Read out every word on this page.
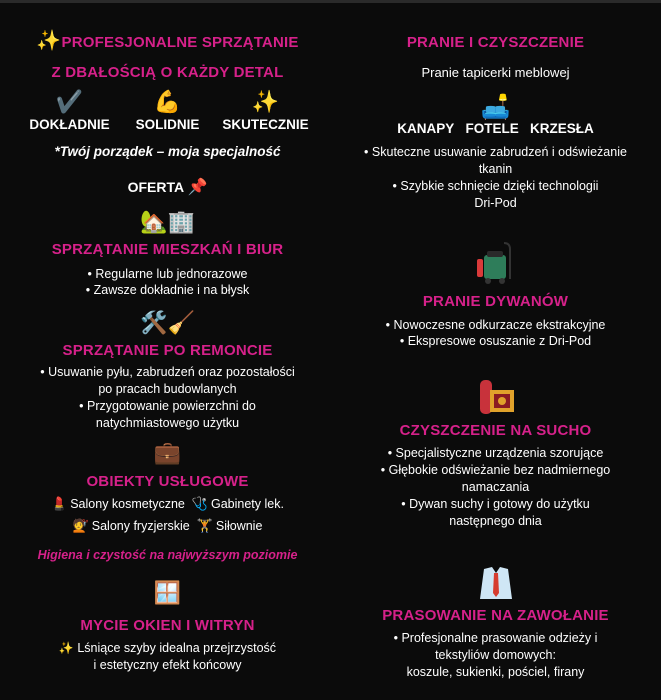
✨PROFESJONALNE SPRZĄTANIE
Z DBAŁOŚCIĄ O KAŻDY DETAL
✔️
DOKŁADNIE
💪
SOLIDNIE
✨
SKUTECZNIE
*Twój porządek – moja specjalność
OFERTA 📌
🏡🏢
SPRZĄTANIE MIESZKAŃ I BIUR
• Regularne lub jednorazowe
• Zawsze dokładnie i na błysk
🛠️🧹
SPRZĄTANIE PO REMONCIE
• Usuwanie pyłu, zabrudzeń oraz pozostałości
po pracach budowlanych
• Przygotowanie powierzchni do
natychmiastowego użytku
💼
OBIEKTY USŁUGOWE
💄 Salony kosmetyczne 🩺 Gabinety lek.
💇 Salony fryzjerskie 🏋️ Siłownie
Higiena i czystość na najwyższym poziomie
🪟
MYCIE OKIEN I WITRYN
✨ Lśniące szyby idealna przejrzystość
i estetyczny efekt końcowy
PRANIE I CZYSZCZENIE
Pranie tapicerki meblowej
🛋️
KANAPY FOTELE KRZESŁA
• Skuteczne usuwanie zabrudzeń i odświeżanie
tkanin
• Szybkie schnięcie dzięki technologii
Dri-Pod
PRANIE DYWANÓW
• Nowoczesne odkurzacze ekstrakcyjne
• Ekspresowe osuszanie z Dri-Pod
CZYSZCZENIE NA SUCHO
• Specjalistyczne urządzenia szorujące
• Głębokie odświeżanie bez nadmiernego
namaczania
• Dywan suchy i gotowy do użytku
następnego dnia
PRASOWANIE NA ZAWOŁANIE
• Profesjonalne prasowanie odzieży i
tekstyliów domowych:
koszule, sukienki, pościel, firany
